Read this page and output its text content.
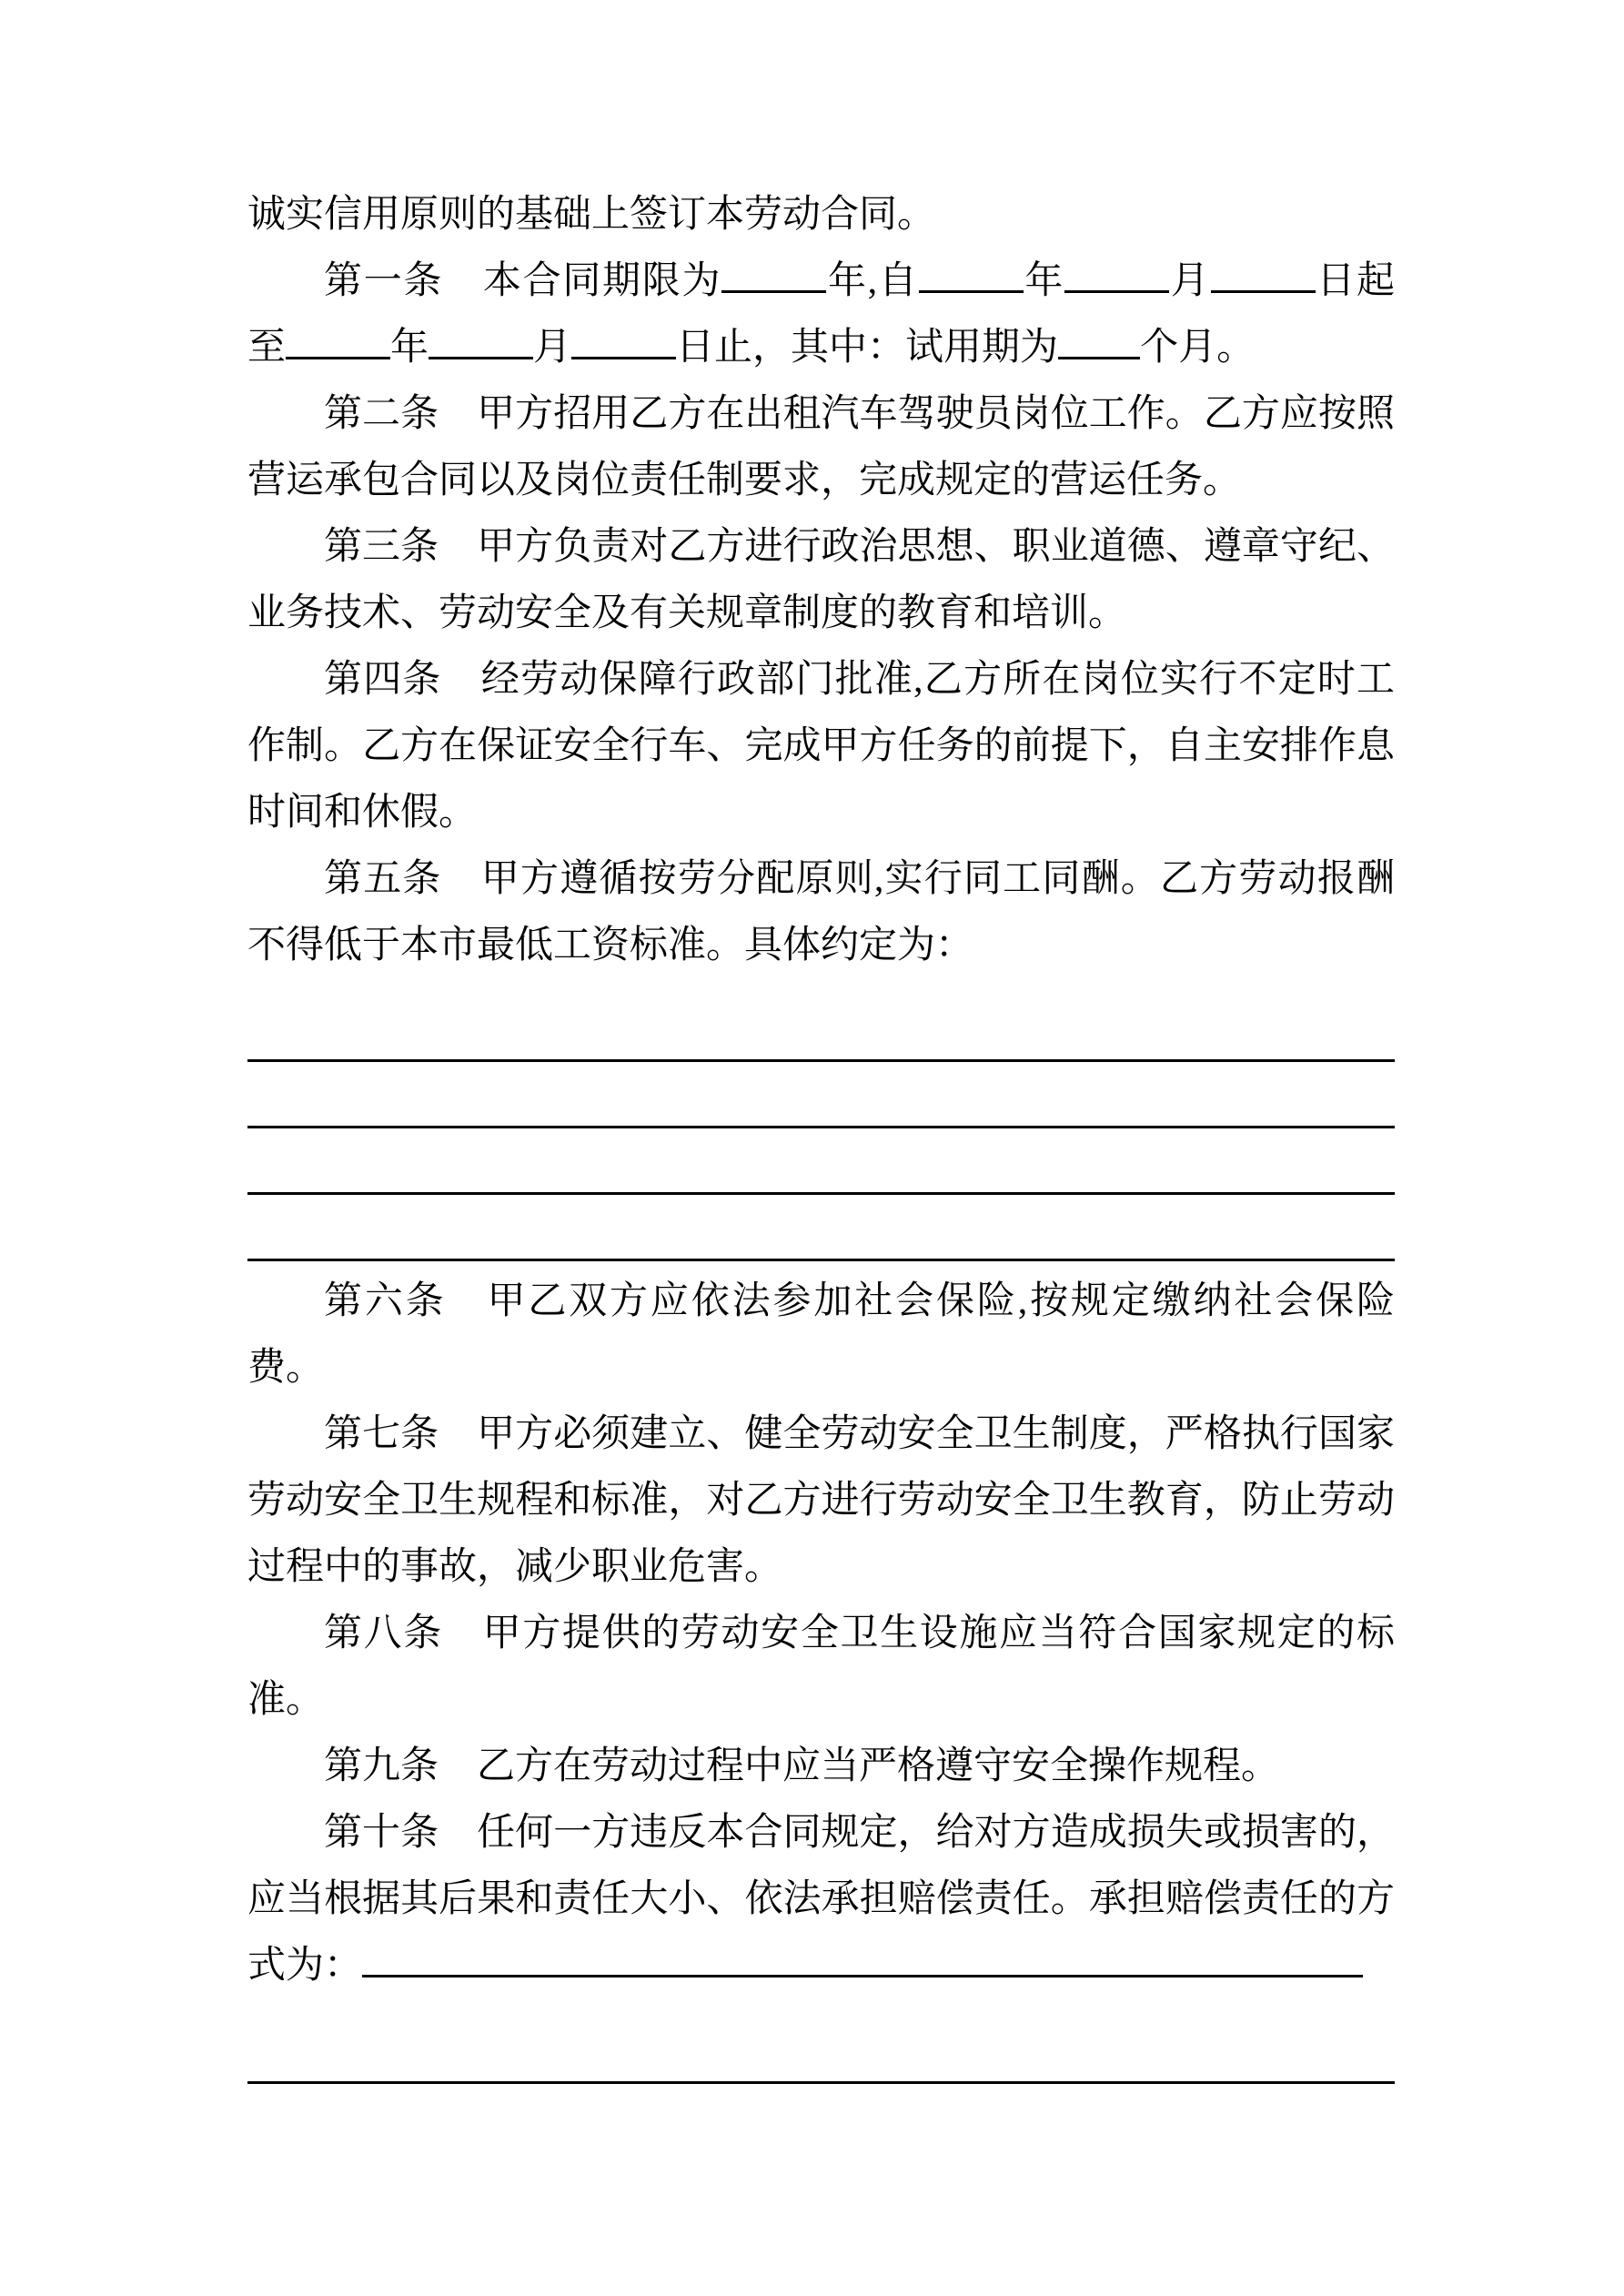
诚实信用原则的基础上签订本劳动合同。

第一条　本合同期限为	年,自	年	月	日起至	年	月	日止，其中：试用期为 个月。

第二条　甲方招用乙方在出租汽车驾驶员岗位工作。乙方应按照营运承包合同以及岗位责任制要求，完成规定的营运任务。

第三条　甲方负责对乙方进行政治思想、职业道德、遵章守纪、业务技术、劳动安全及有关规章制度的教育和培训。

第四条　经劳动保障行政部门批准,乙方所在岗位实行不定时工作制。乙方在保证安全行车、完成甲方任务的前提下，自主安排作息时间和休假。

第五条　甲方遵循按劳分配原则,实行同工同酬。乙方劳动报酬不得低于本市最低工资标准。具体约定为：

第六条　甲乙双方应依法参加社会保险,按规定缴纳社会保险费。

第七条　甲方必须建立、健全劳动安全卫生制度，严格执行国家劳动安全卫生规程和标准，对乙方进行劳动安全卫生教育，防止劳动过程中的事故，减少职业危害。

第八条　甲方提供的劳动安全卫生设施应当符合国家规定的标准。

第九条　乙方在劳动过程中应当严格遵守安全操作规程。

第十条　任何一方违反本合同规定，给对方造成损失或损害的，应当根据其后果和责任大小、依法承担赔偿责任。承担赔偿责任的方式为：
